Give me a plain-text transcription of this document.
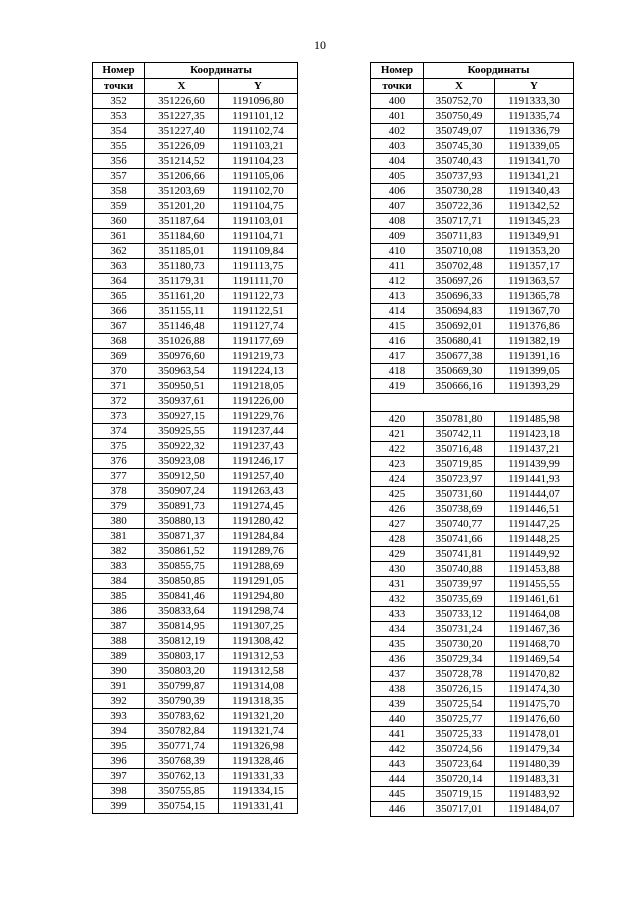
10
Номер	Координаты	
точки	X	Y
352	351226,60	1191096,80
353	351227,35	1191101,12
354	351227,40	1191102,74
355	351226,09	1191103,21
356	351214,52	1191104,23
357	351206,66	1191105,06
358	351203,69	1191102,70
359	351201,20	1191104,75
360	351187,64	1191103,01
361	351184,60	1191104,71
362	351185,01	1191109,84
363	351180,73	1191113,75
364	351179,31	1191111,70
365	351161,20	1191122,73
366	351155,11	1191122,51
367	351146,48	1191127,74
368	351026,88	1191177,69
369	350976,60	1191219,73
370	350963,54	1191224,13
371	350950,51	1191218,05
372	350937,61	1191226,00
373	350927,15	1191229,76
374	350925,55	1191237,44
375	350922,32	1191237,43
376	350923,08	1191246,17
377	350912,50	1191257,40
378	350907,24	1191263,43
379	350891,73	1191274,45
380	350880,13	1191280,42
381	350871,37	1191284,84
382	350861,52	1191289,76
383	350855,75	1191288,69
384	350850,85	1191291,05
385	350841,46	1191294,80
386	350833,64	1191298,74
387	350814,95	1191307,25
388	350812,19	1191308,42
389	350803,17	1191312,53
390	350803,20	1191312,58
391	350799,87	1191314,08
392	350790,39	1191318,35
393	350783,62	1191321,20
394	350782,84	1191321,74
395	350771,74	1191326,98
396	350768,39	1191328,46
397	350762,13	1191331,33
398	350755,85	1191334,15
399	350754,15	1191331,41
Номер	Координаты	
точки	X	Y
400	350752,70	1191333,30
401	350750,49	1191335,74
402	350749,07	1191336,79
403	350745,30	1191339,05
404	350740,43	1191341,70
405	350737,93	1191341,21
406	350730,28	1191340,43
407	350722,36	1191342,52
408	350717,71	1191345,23
409	350711,83	1191349,91
410	350710,08	1191353,20
411	350702,48	1191357,17
412	350697,26	1191363,57
413	350696,33	1191365,78
414	350694,83	1191367,70
415	350692,01	1191376,86
416	350680,41	1191382,19
417	350677,38	1191391,16
418	350669,30	1191399,05
419	350666,16	1191393,29

420	350781,80	1191485,98
421	350742,11	1191423,18
422	350716,48	1191437,21
423	350719,85	1191439,99
424	350723,97	1191441,93
425	350731,60	1191444,07
426	350738,69	1191446,51
427	350740,77	1191447,25
428	350741,66	1191448,25
429	350741,81	1191449,92
430	350740,88	1191453,88
431	350739,97	1191455,55
432	350735,69	1191461,61
433	350733,12	1191464,08
434	350731,24	1191467,36
435	350730,20	1191468,70
436	350729,34	1191469,54
437	350728,78	1191470,82
438	350726,15	1191474,30
439	350725,54	1191475,70
440	350725,77	1191476,60
441	350725,33	1191478,01
442	350724,56	1191479,34
443	350723,64	1191480,39
444	350720,14	1191483,31
445	350719,15	1191483,92
446	350717,01	1191484,07
